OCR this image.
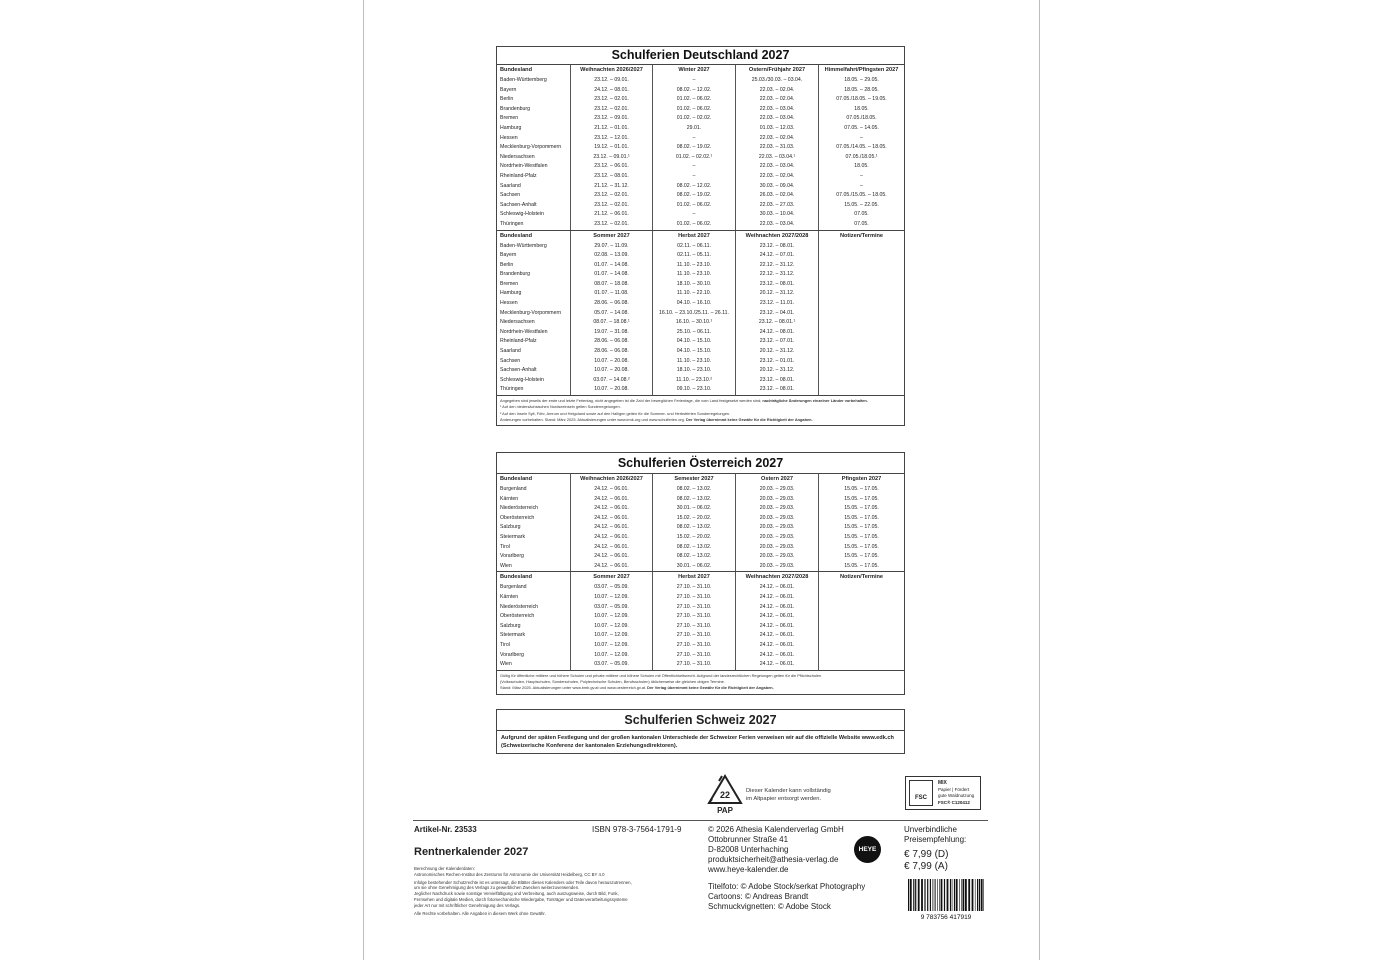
Schulferien Deutschland 2027
Bundesland
Baden-Württemberg
Bayern
Berlin
Brandenburg
Bremen
Hamburg
Hessen
Mecklenburg-Vorpommern
Niedersachsen
Nordrhein-Westfalen
Rheinland-Pfalz
Saarland
Sachsen
Sachsen-Anhalt
Schleswig-Holstein
Thüringen
Weihnachten 2026/2027
23.12. – 09.01.
24.12. – 08.01.
23.12. – 02.01.
23.12. – 02.01.
23.12. – 09.01.
21.12. – 01.01.
23.12. – 12.01.
19.12. – 01.01.
23.12. – 09.01.¹
23.12. – 06.01.
23.12. – 08.01.
21.12. – 31.12.
23.12. – 02.01.
23.12. – 02.01.
21.12. – 06.01.
23.12. – 02.01.
Winter 2027
–
08.02. – 12.02.
01.02. – 06.02.
01.02. – 06.02.
01.02. – 02.02.
29.01.
–
08.02. – 19.02.
01.02. – 02.02.¹
–
–
08.02. – 12.02.
08.02. – 19.02.
01.02. – 06.02.
–
01.02. – 06.02.
Ostern/Frühjahr 2027
25.03./30.03. – 03.04.
22.03. – 02.04.
22.03. – 02.04.
22.03. – 03.04.
22.03. – 03.04.
01.03. – 12.03.
22.03. – 02.04.
22.03. – 31.03.
22.03. – 03.04.¹
22.03. – 03.04.
22.03. – 02.04.
30.03. – 09.04.
26.03. – 02.04.
22.03. – 27.03.
30.03. – 10.04.
22.03. – 03.04.
Himmelfahrt/Pfingsten 2027
18.05. – 29.05.
18.05. – 28.05.
07.05./18.05. – 19.05.
18.05.
07.05./18.05.
07.05. – 14.05.
–
07.05./14.05. – 18.05.
07.05./18.05.¹
18.05.
–
–
07.05./15.05. – 18.05.
15.05. – 22.05.
07.05.
07.05.
Bundesland
Baden-Württemberg
Bayern
Berlin
Brandenburg
Bremen
Hamburg
Hessen
Mecklenburg-Vorpommern
Niedersachsen
Nordrhein-Westfalen
Rheinland-Pfalz
Saarland
Sachsen
Sachsen-Anhalt
Schleswig-Holstein
Thüringen
Sommer 2027
29.07. – 11.09.
02.08. – 13.09.
01.07. – 14.08.
01.07. – 14.08.
08.07. – 18.08.
01.07. – 11.08.
28.06. – 06.08.
05.07. – 14.08.
08.07. – 18.08.¹
19.07. – 31.08.
28.06. – 06.08.
28.06. – 06.08.
10.07. – 20.08.
10.07. – 20.08.
03.07. – 14.08.²
10.07. – 20.08.
Herbst 2027
02.11. – 06.11.
02.11. – 05.11.
11.10. – 23.10.
11.10. – 23.10.
18.10. – 30.10.
11.10. – 22.10.
04.10. – 16.10.
16.10. – 23.10./25.11. – 26.11.
16.10. – 30.10.¹
25.10. – 06.11.
04.10. – 15.10.
04.10. – 15.10.
11.10. – 23.10.
18.10. – 23.10.
11.10. – 23.10.²
09.10. – 23.10.
Weihnachten 2027/2028
23.12. – 08.01.
24.12. – 07.01.
22.12. – 31.12.
22.12. – 31.12.
23.12. – 08.01.
20.12. – 31.12.
23.12. – 11.01.
23.12. – 04.01.
23.12. – 08.01.¹
24.12. – 08.01.
23.12. – 07.01.
20.12. – 31.12.
23.12. – 01.01.
20.12. – 31.12.
23.12. – 08.01.
23.12. – 08.01.
Notizen/Termine

Angegeben sind jeweils der erste und letzte Ferientag, nicht angegeben ist die Zahl der beweglichen Ferientage, die vom Land festgesetzt werden sind; nachträgliche Änderungen einzelner Länder vorbehalten.

¹ Auf den niedersächsischen Nordseeinseln gelten Sonderregelungen.

² Auf den Inseln Sylt, Föhr, Amrum und Helgoland sowie auf den Halligen gelten für die Sommer- und Herbstferien Sonderregelungen.

Änderungen vorbehalten. Stand: März 2025. Aktualisierungen unter www.kmk.org und www.schulferien.org. Der Verlag übernimmt keine Gewähr für die Richtigkeit der Angaben.

Schulferien Österreich 2027
Bundesland
Burgenland
Kärnten
Niederösterreich
Oberösterreich
Salzburg
Steiermark
Tirol
Vorarlberg
Wien
Weihnachten 2026/2027
24.12. – 06.01.
24.12. – 06.01.
24.12. – 06.01.
24.12. – 06.01.
24.12. – 06.01.
24.12. – 06.01.
24.12. – 06.01.
24.12. – 06.01.
24.12. – 06.01.
Semester 2027
08.02. – 13.02.
08.02. – 13.02.
30.01. – 06.02.
15.02. – 20.02.
08.02. – 13.02.
15.02. – 20.02.
08.02. – 13.02.
08.02. – 13.02.
30.01. – 06.02.
Ostern 2027
20.03. – 29.03.
20.03. – 29.03.
20.03. – 29.03.
20.03. – 29.03.
20.03. – 29.03.
20.03. – 29.03.
20.03. – 29.03.
20.03. – 29.03.
20.03. – 29.03.
Pfingsten 2027
15.05. – 17.05.
15.05. – 17.05.
15.05. – 17.05.
15.05. – 17.05.
15.05. – 17.05.
15.05. – 17.05.
15.05. – 17.05.
15.05. – 17.05.
15.05. – 17.05.
Bundesland
Burgenland
Kärnten
Niederösterreich
Oberösterreich
Salzburg
Steiermark
Tirol
Vorarlberg
Wien
Sommer 2027
03.07. – 05.09.
10.07. – 12.09.
03.07. – 05.09.
10.07. – 12.09.
10.07. – 12.09.
10.07. – 12.09.
10.07. – 12.09.
10.07. – 12.09.
03.07. – 05.09.
Herbst 2027
27.10. – 31.10.
27.10. – 31.10.
27.10. – 31.10.
27.10. – 31.10.
27.10. – 31.10.
27.10. – 31.10.
27.10. – 31.10.
27.10. – 31.10.
27.10. – 31.10.
Weihnachten 2027/2028
24.12. – 06.01.
24.12. – 06.01.
24.12. – 06.01.
24.12. – 06.01.
24.12. – 06.01.
24.12. – 06.01.
24.12. – 06.01.
24.12. – 06.01.
24.12. – 06.01.
Notizen/Termine

Gültig für öffentliche mittlere und höhere Schulen und private mittlere und höhere Schulen mit Öffentlichkeitsrecht. Aufgrund der landesrechtlichen Regelungen gelten für die Pflichtschulen

(Volksschulen, Hauptschulen, Sonderschulen, Polytechnische Schulen, Berufsschulen) üblicherweise die gleichen obigen Termine.

Stand: März 2025. Aktualisierungen unter www.bmb.gv.at und www.oesterreich.gv.at. Der Verlag übernimmt keine Gewähr für die Richtigkeit der Angaben.

Schulferien Schweiz 2027
Aufgrund der späten Festlegung und der großen kantonalen Unterschiede der Schweizer Ferien verweisen wir auf die offizielle Website www.edk.ch (Schweizerische Konferenz der kantonalen Erziehungsdirektoren).
22
PAP
Dieser Kalender kann vollständig
im Altpapier entsorgt werden.	FSC
MIX
Papier | Fördert
gute Waldnutzung
FSC® C120412
Artikel-Nr. 23533	ISBN 978-3-7564-1791-9
Rentnerkalender 2027
Berechnung der Kalenderdaten:
Astronomisches Rechen-Institut des Zentrums für Astronomie der Universität Heidelberg, CC BY 4.0
Infolge bestehender Schutzrechte ist es untersagt, die Blätter dieses Kalenders oder Teile davon herauszutrennen,
um sie ohne Genehmigung des Verlags zu gewerblichen Zwecken weiterzuverwenden.
Jeglicher Nachdruck sowie sonstige Vervielfältigung und Verbreitung, auch auszugsweise, durch Bild, Funk,
Fernsehen und digitale Medien, durch fotomechanische Wiedergabe, Tonträger und Datenverarbeitungssysteme
jeder Art nur mit schriftlicher Genehmigung des Verlags.
Alle Rechte vorbehalten. Alle Angaben in diesem Werk ohne Gewähr.
© 2026 Athesia Kalenderverlag GmbH
Ottobrunner Straße 41
D-82008 Unterhaching
produktsicherheit@athesia-verlag.de
www.heye-kalender.de
Titelfoto: © Adobe Stock/serkat Photography
Cartoons: © Andreas Brandt
Schmuckvignetten: © Adobe Stock
HEYE
Unverbindliche
Preisempfehlung:
€ 7,99 (D)
€ 7,99 (A)
9 783756 417919
